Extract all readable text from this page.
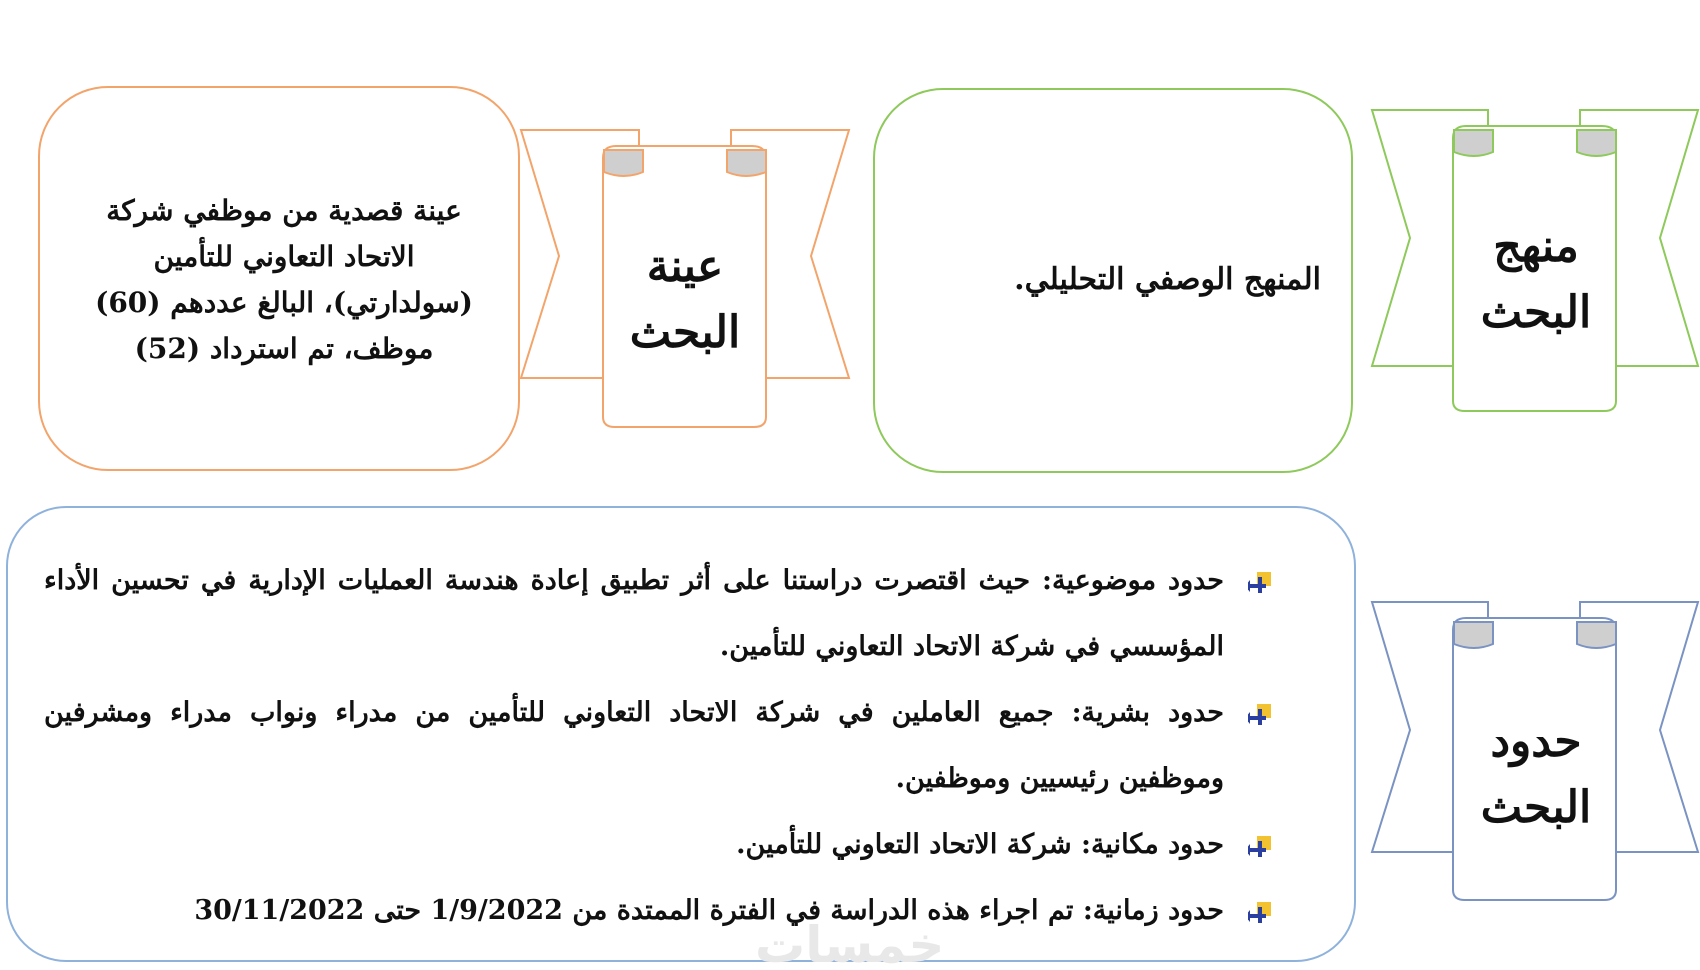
منهج
البحث
المنهج الوصفي التحليلي.
عينة
البحث
عينة قصدية من موظفي شركة
الاتحاد التعاوني للتأمين
(سولدارتي)، البالغ عددهم (60)
موظف، تم استرداد (52)
حدود
البحث
حدود موضوعية: حيث اقتصرت دراستنا على أثر تطبيق إعادة هندسة العمليات الإدارية في تحسين الأداء المؤسسي في شركة الاتحاد التعاوني للتأمين.
حدود بشرية: جميع العاملين في شركة الاتحاد التعاوني للتأمين من مدراء ونواب مدراء ومشرفين وموظفين رئيسيين وموظفين.
حدود مكانية: شركة الاتحاد التعاوني للتأمين.
حدود زمانية: تم اجراء هذه الدراسة في الفترة الممتدة من 1/9/2022 حتى 30/11/2022
خمسات
